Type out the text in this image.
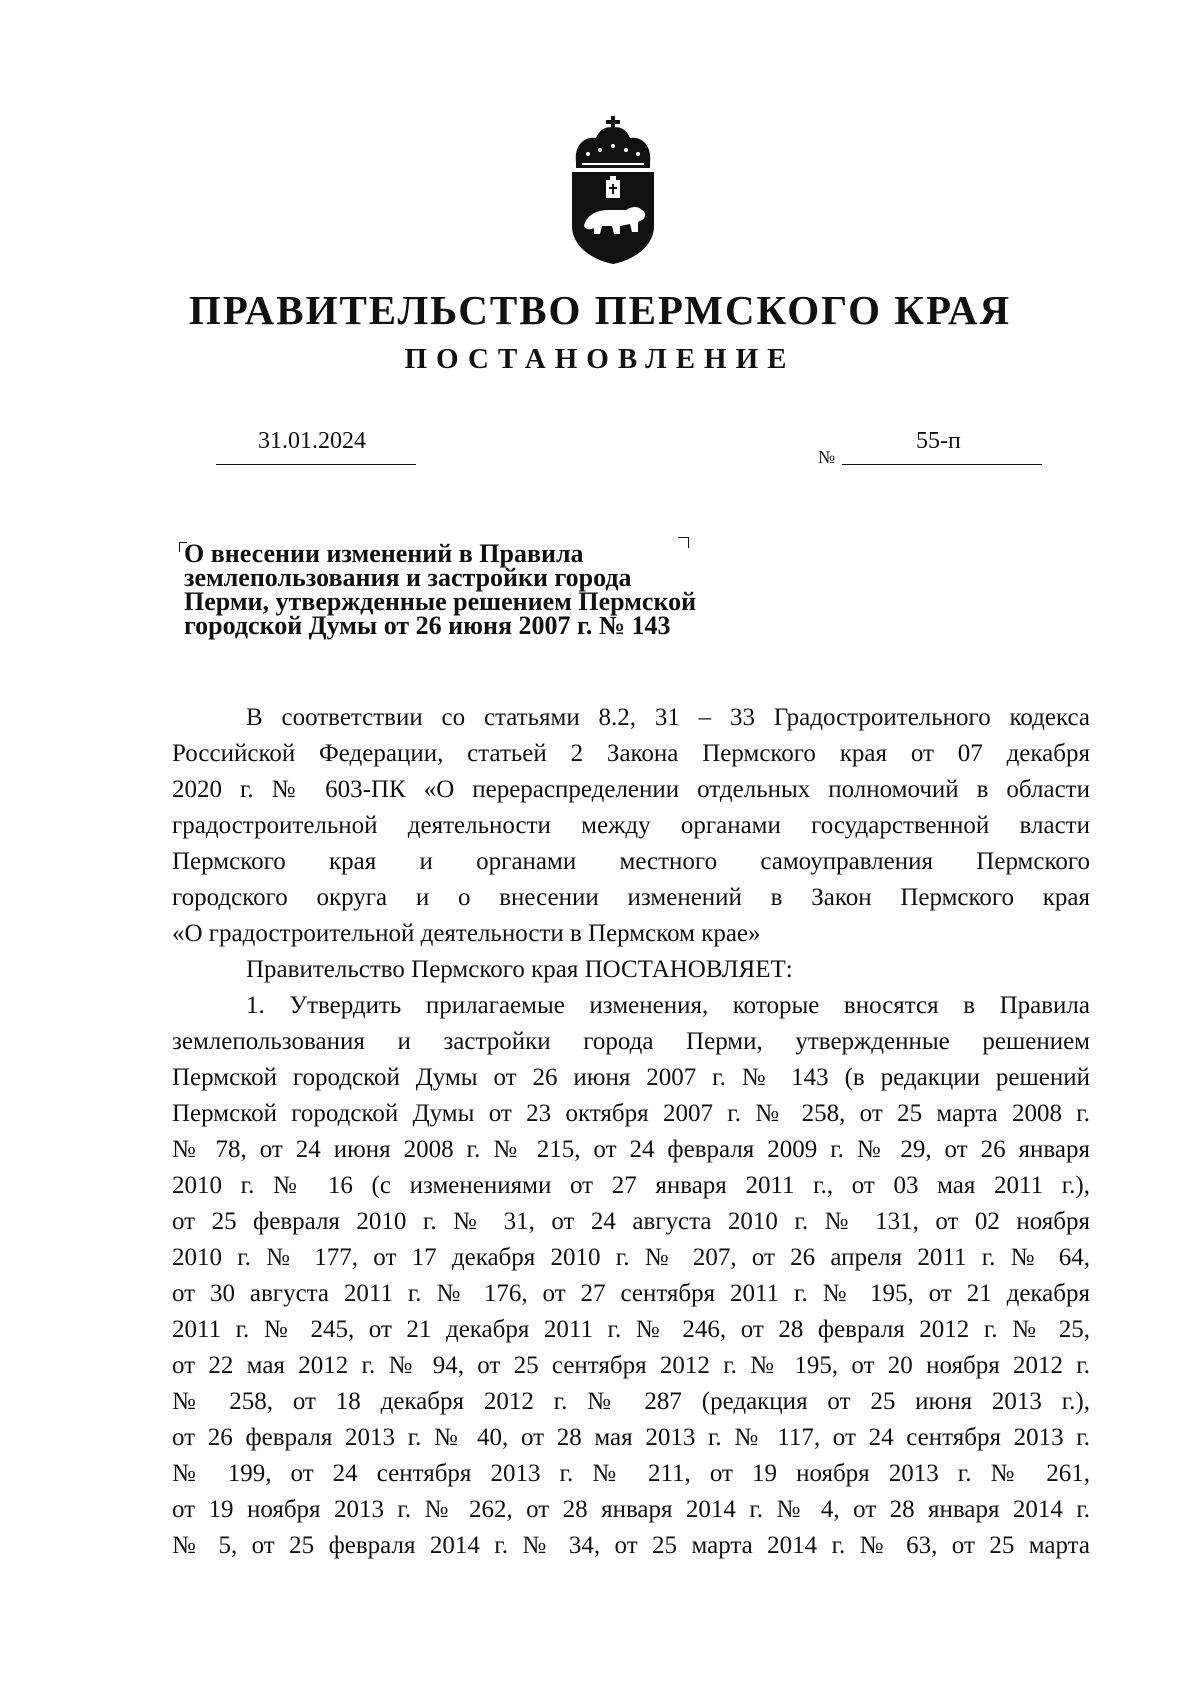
ПРАВИТЕЛЬСТВО ПЕРМСКОГО КРАЯ
ПОСТАНОВЛЕНИЕ
31.01.2024
№
55-п
О внесении изменений в Правила
землепользования и застройки города
Перми, утвержденные решением Пермской
городской Думы от 26 июня 2007 г. № 143
В соответствии со статьями 8.2, 31 – 33 Градостроительного кодекса
Российской Федерации, статьей 2 Закона Пермского края от 07 декабря
2020 г. № 603-ПК «О перераспределении отдельных полномочий в области
градостроительной деятельности между органами государственной власти
Пермского края и органами местного самоуправления Пермского
городского округа и о внесении изменений в Закон Пермского края
«О градостроительной деятельности в Пермском крае»
Правительство Пермского края ПОСТАНОВЛЯЕТ:
1. Утвердить прилагаемые изменения, которые вносятся в Правила
землепользования и застройки города Перми, утвержденные решением
Пермской городской Думы от 26 июня 2007 г. № 143 (в редакции решений
Пермской городской Думы от 23 октября 2007 г. № 258, от 25 марта 2008 г.
№ 78, от 24 июня 2008 г. № 215, от 24 февраля 2009 г. № 29, от 26 января
2010 г. № 16 (с изменениями от 27 января 2011 г., от 03 мая 2011 г.),
от 25 февраля 2010 г. № 31, от 24 августа 2010 г. № 131, от 02 ноября
2010 г. № 177, от 17 декабря 2010 г. № 207, от 26 апреля 2011 г. № 64,
от 30 августа 2011 г. № 176, от 27 сентября 2011 г. № 195, от 21 декабря
2011 г. № 245, от 21 декабря 2011 г. № 246, от 28 февраля 2012 г. № 25,
от 22 мая 2012 г. № 94, от 25 сентября 2012 г. № 195, от 20 ноября 2012 г.
№ 258, от 18 декабря 2012 г. № 287 (редакция от 25 июня 2013 г.),
от 26 февраля 2013 г. № 40, от 28 мая 2013 г. № 117, от 24 сентября 2013 г.
№ 199, от 24 сентября 2013 г. № 211, от 19 ноября 2013 г. № 261,
от 19 ноября 2013 г. № 262, от 28 января 2014 г. № 4, от 28 января 2014 г.
№ 5, от 25 февраля 2014 г. № 34, от 25 марта 2014 г. № 63, от 25 марта
